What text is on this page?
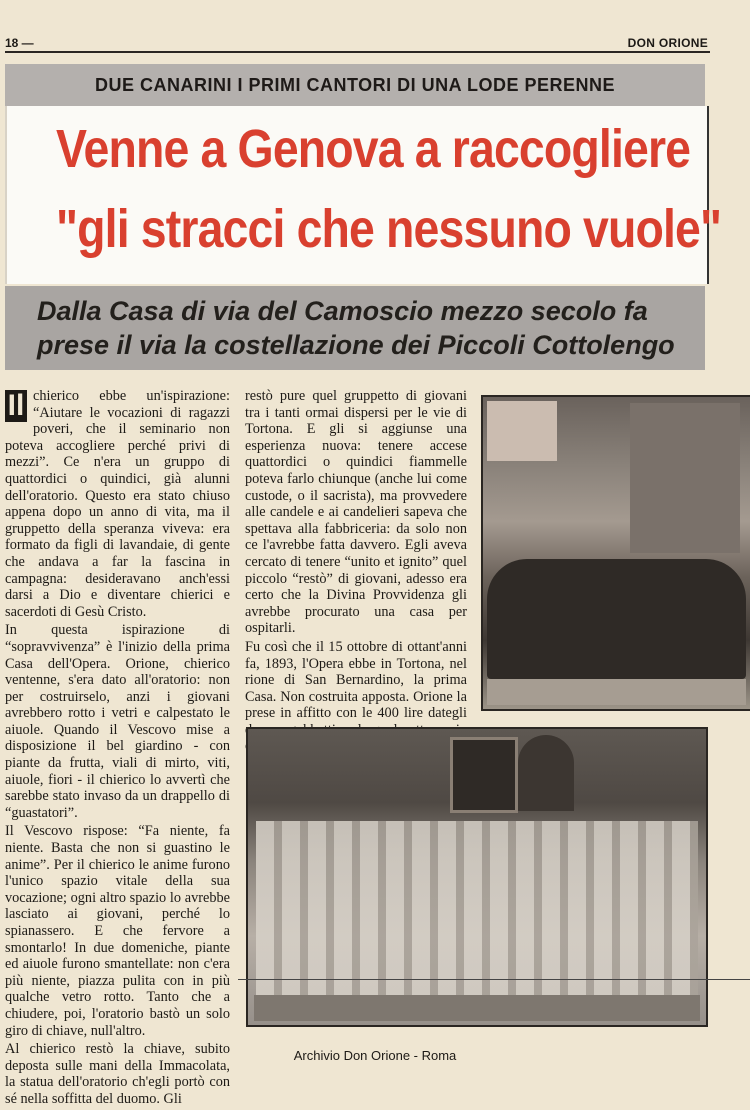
18 —	DON ORIONE
DUE CANARINI I PRIMI CANTORI DI UNA LODE PERENNE
Venne a Genova a raccogliere
"gli stracci che nessuno vuole"
Dalla Casa di via del Camoscio mezzo secolo fa
prese il via la costellazione dei Piccoli Cottolengo

Il chierico ebbe un'ispirazione: “Aiutare le vocazioni di ragazzi poveri, che il seminario non poteva accogliere perché privi di mezzi”. Ce n'era un gruppo di quattordici o quindici, già alunni dell'oratorio. Questo era stato chiuso appena dopo un anno di vita, ma il gruppetto della speranza viveva: era formato da figli di lavandaie, di gente che andava a far la fascina in campagna: desideravano anch'essi darsi a Dio e diventare chierici e sacerdoti di Gesù Cristo.

In questa ispirazione di “sopravvivenza” è l'inizio della prima Casa dell'Opera. Orione, chierico ventenne, s'era dato all'oratorio: non per costruirselo, anzi i giovani avrebbero rotto i vetri e calpestato le aiuole. Quando il Vescovo mise a disposizione il bel giardino - con piante da frutta, viali di mirto, viti, aiuole, fiori - il chierico lo avvertì che sarebbe stato invaso da un drappello di “guastatori”.

Il Vescovo rispose: “Fa niente, fa niente. Basta che non si guastino le anime”. Per il chierico le anime furono l'unico spazio vitale della sua vocazione; ogni altro spazio lo avrebbe lasciato ai giovani, perché lo spianassero. E che fervore a smontarlo! In due domeniche, piante ed aiuole furono smantellate: non c'era più niente, piazza pulita con in più qualche vetro rotto. Tanto che a chiudere, poi, l'oratorio bastò un solo giro di chiave, null'altro.

Al chierico restò la chiave, subito deposta sulle mani della Immacolata, la statua dell'oratorio ch'egli portò con sé nella soffitta del duomo. Gli

restò pure quel gruppetto di giovani tra i tanti ormai dispersi per le vie di Tortona. E gli si aggiunse una esperienza nuova: tenere accese quattordici o quindici fiammelle poteva farlo chiunque (anche lui come custode, o il sacrista), ma provvedere alle candele e ai candelieri sapeva che spettava alla fabbriceria: da solo non ce l'avrebbe fatta davvero. Egli aveva cercato di tenere “unito et ignito” quel piccolo “restò” di giovani, adesso era certo che la Divina Provvidenza gli avrebbe procurato una casa per ospitarli.

Fu così che il 15 ottobre di ottant'anni fa, 1893, l'Opera ebbe in Tortona, nel rione di San Bernardino, la prima Casa. Non costruita apposta. Orione la prese in affitto con le 400 lire dategli

Archivio Don Orione - Roma
